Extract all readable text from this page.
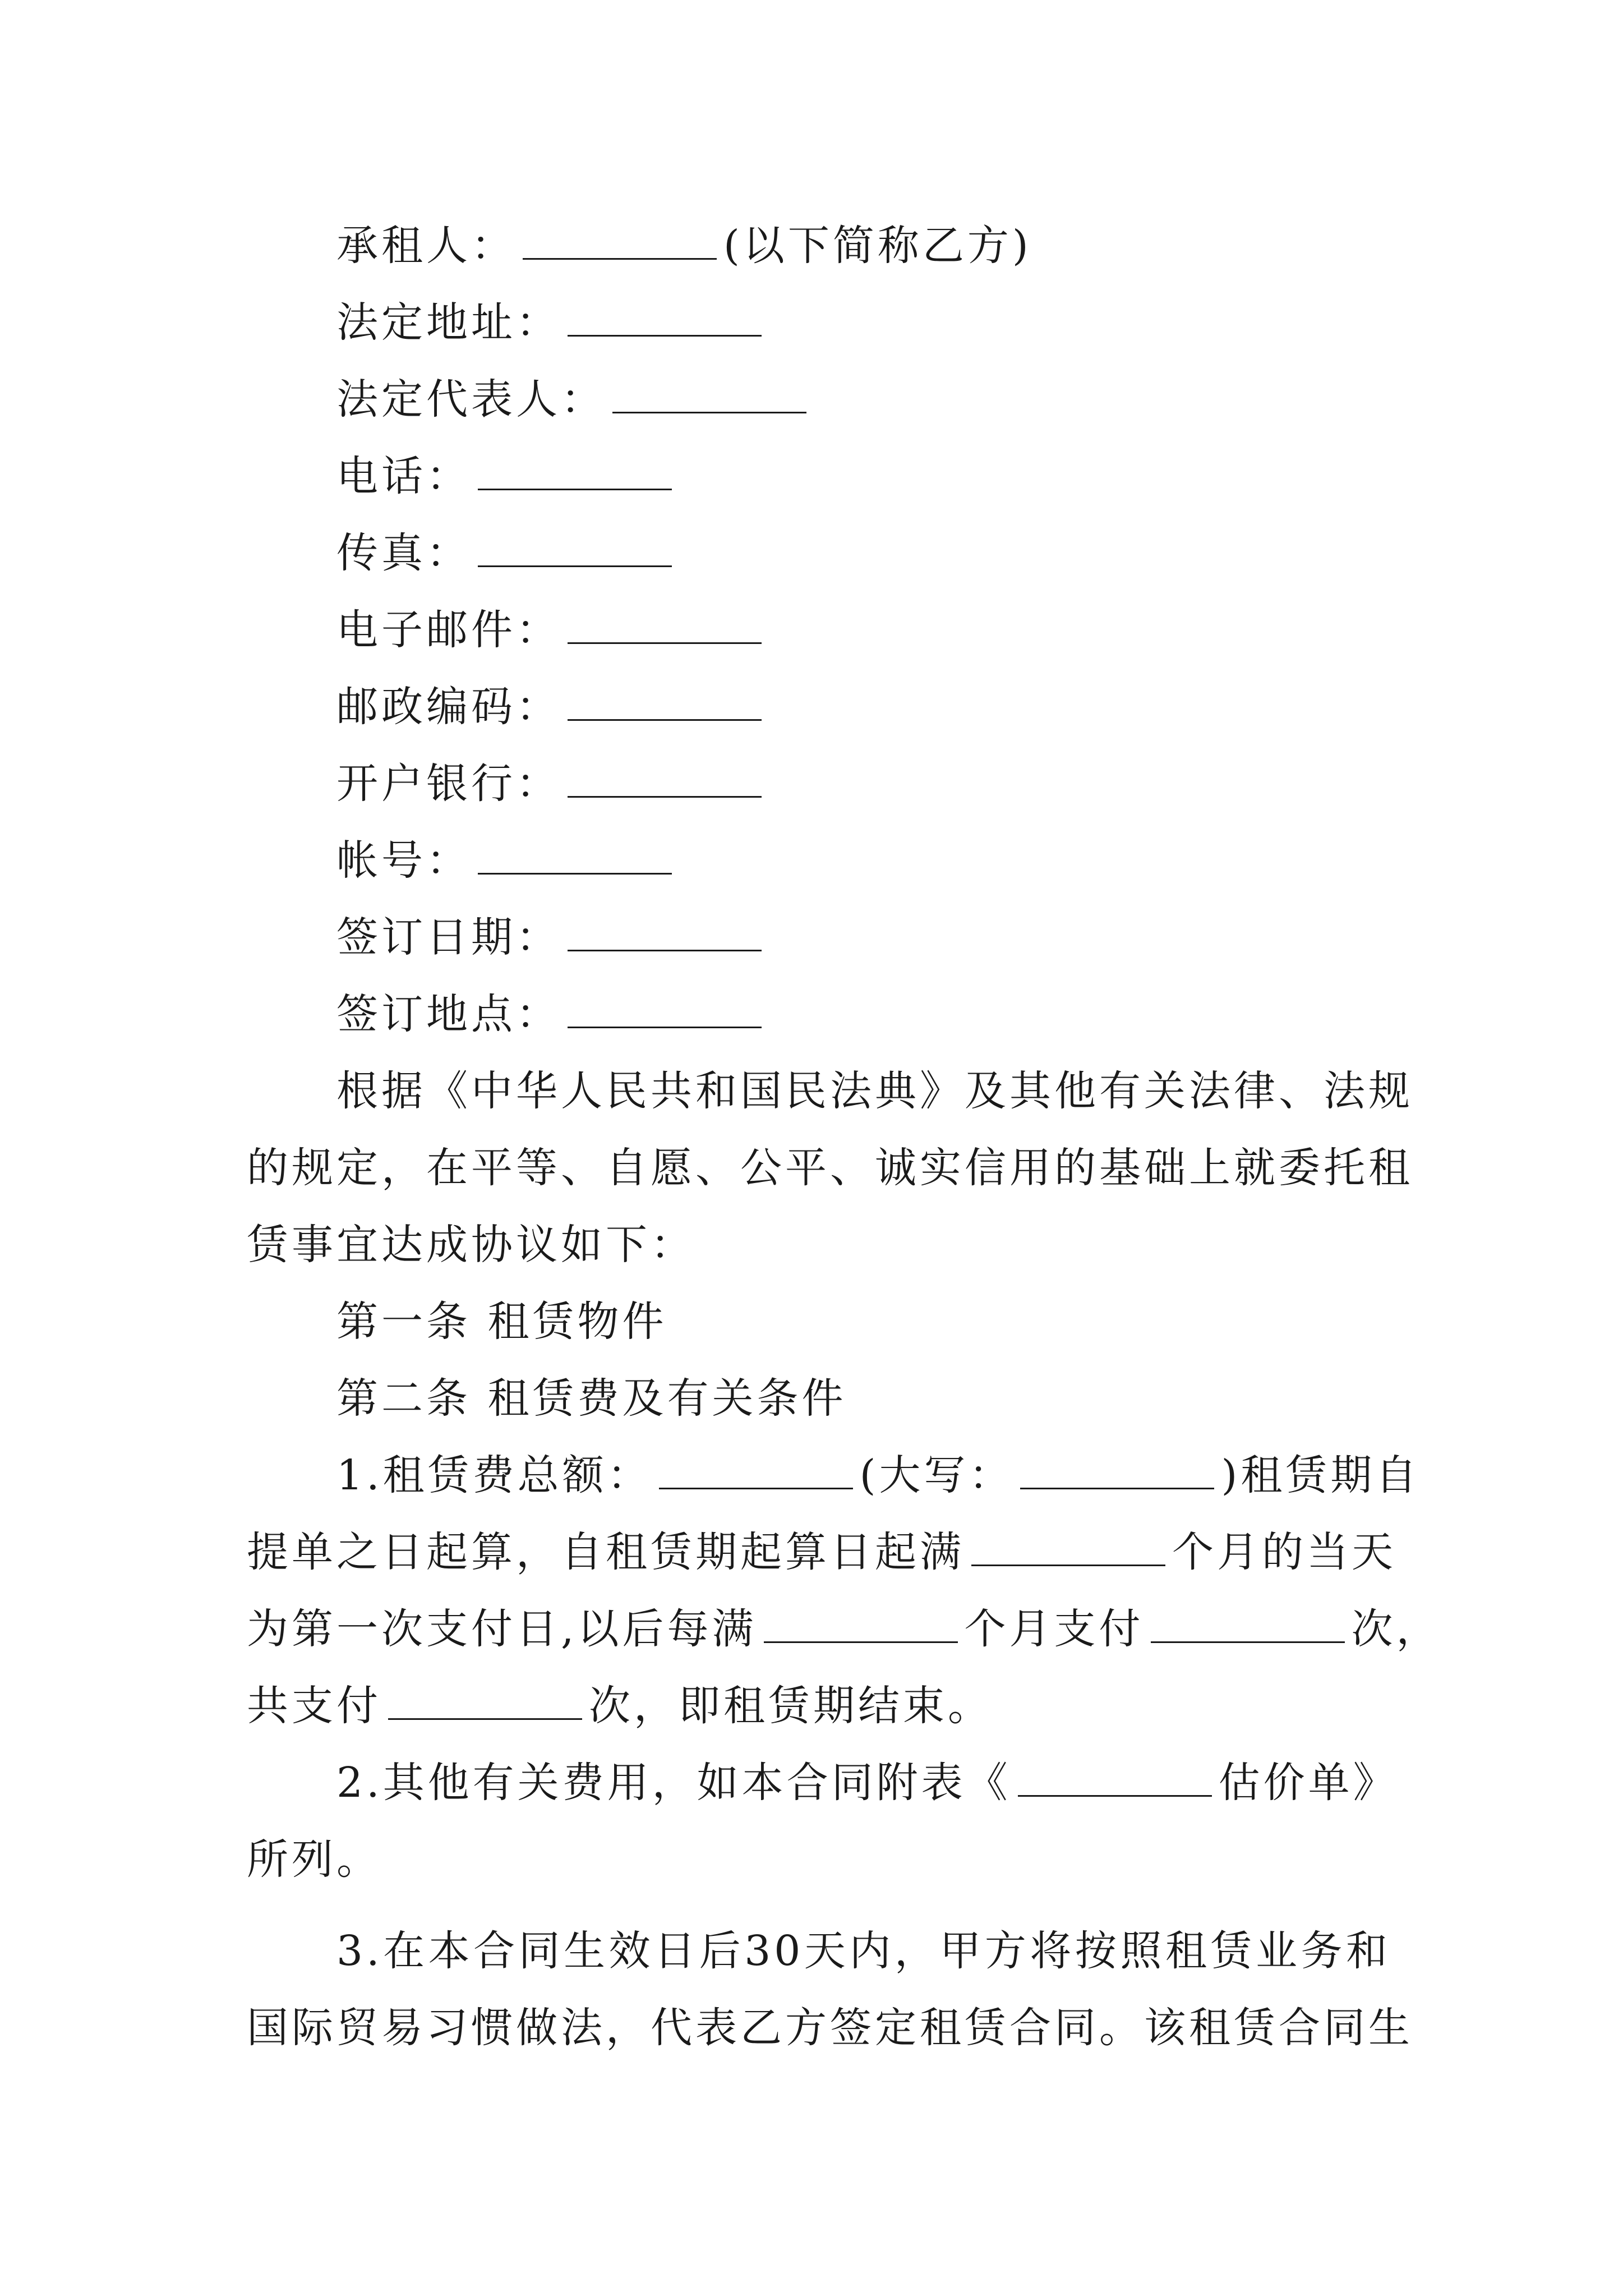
承租人：	(以下简称乙方)
法定地址：
法定代表人：
电话：
传真：
电子邮件：
邮政编码：
开户银行：
帐号：
签订日期：
签订地点：
根据《中华人民共和国民法典》及其他有关法律、法规
的规定，在平等、自愿、公平、诚实信用的基础上就委托租
赁事宜达成协议如下：
第一条 租赁物件
第二条 租赁费及有关条件
1.租赁费总额：	(大写：	)租赁期自
提单之日起算，自租赁期起算日起满	个月的当天
为第一次支付日,以后每满	个月支付	次，
共支付	次，即租赁期结束。
2.其他有关费用，如本合同附表《	估价单》
所列。
3.在本合同生效日后30天内，甲方将按照租赁业务和
国际贸易习惯做法，代表乙方签定租赁合同。该租赁合同生
